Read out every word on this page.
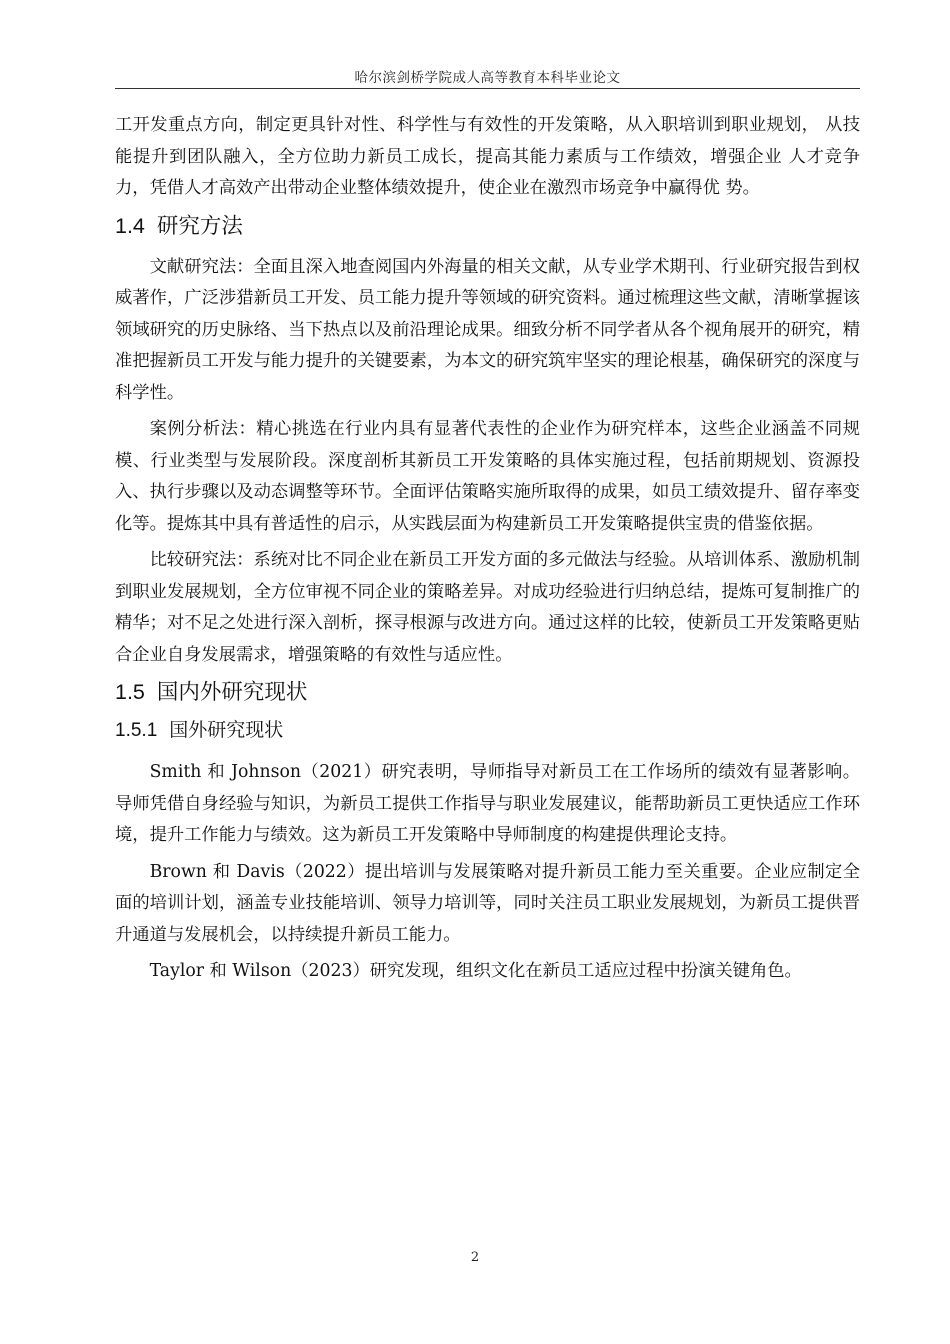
哈尔滨剑桥学院成人高等教育本科毕业论文

工开发重点方向，制定更具针对性、科学性与有效性的开发策略，从入职培训到职业规划， 从技能提升到团队融入，全方位助力新员工成长，提高其能力素质与工作绩效，增强企业 人才竞争力，凭借人才高效产出带动企业整体绩效提升，使企业在激烈市场竞争中赢得优 势。

1.4 研究方法

文献研究法：全面且深入地查阅国内外海量的相关文献，从专业学术期刊、行业研究报告到权威著作，广泛涉猎新员工开发、员工能力提升等领域的研究资料。通过梳理这些文献，清晰掌握该领域研究的历史脉络、当下热点以及前沿理论成果。细致分析不同学者从各个视角展开的研究，精准把握新员工开发与能力提升的关键要素，为本文的研究筑牢坚实的理论根基，确保研究的深度与科学性。

案例分析法：精心挑选在行业内具有显著代表性的企业作为研究样本，这些企业涵盖不同规模、行业类型与发展阶段。深度剖析其新员工开发策略的具体实施过程，包括前期规划、资源投入、执行步骤以及动态调整等环节。全面评估策略实施所取得的成果，如员工绩效提升、留存率变化等。提炼其中具有普适性的启示，从实践层面为构建新员工开发策略提供宝贵的借鉴依据。

比较研究法：系统对比不同企业在新员工开发方面的多元做法与经验。从培训体系、激励机制到职业发展规划，全方位审视不同企业的策略差异。对成功经验进行归纳总结，提炼可复制推广的精华；对不足之处进行深入剖析，探寻根源与改进方向。通过这样的比较，使新员工开发策略更贴合企业自身发展需求，增强策略的有效性与适应性。

1.5 国内外研究现状
1.5.1 国外研究现状

Smith 和 Johnson（2021）研究表明，导师指导对新员工在工作场所的绩效有显著影响。导师凭借自身经验与知识，为新员工提供工作指导与职业发展建议，能帮助新员工更快适应工作环境，提升工作能力与绩效。这为新员工开发策略中导师制度的构建提供理论支持。

Brown 和 Davis（2022）提出培训与发展策略对提升新员工能力至关重要。企业应制定全面的培训计划，涵盖专业技能培训、领导力培训等，同时关注员工职业发展规划，为新员工提供晋升通道与发展机会，以持续提升新员工能力。

Taylor 和 Wilson（2023）研究发现，组织文化在新员工适应过程中扮演关键角色。

2
